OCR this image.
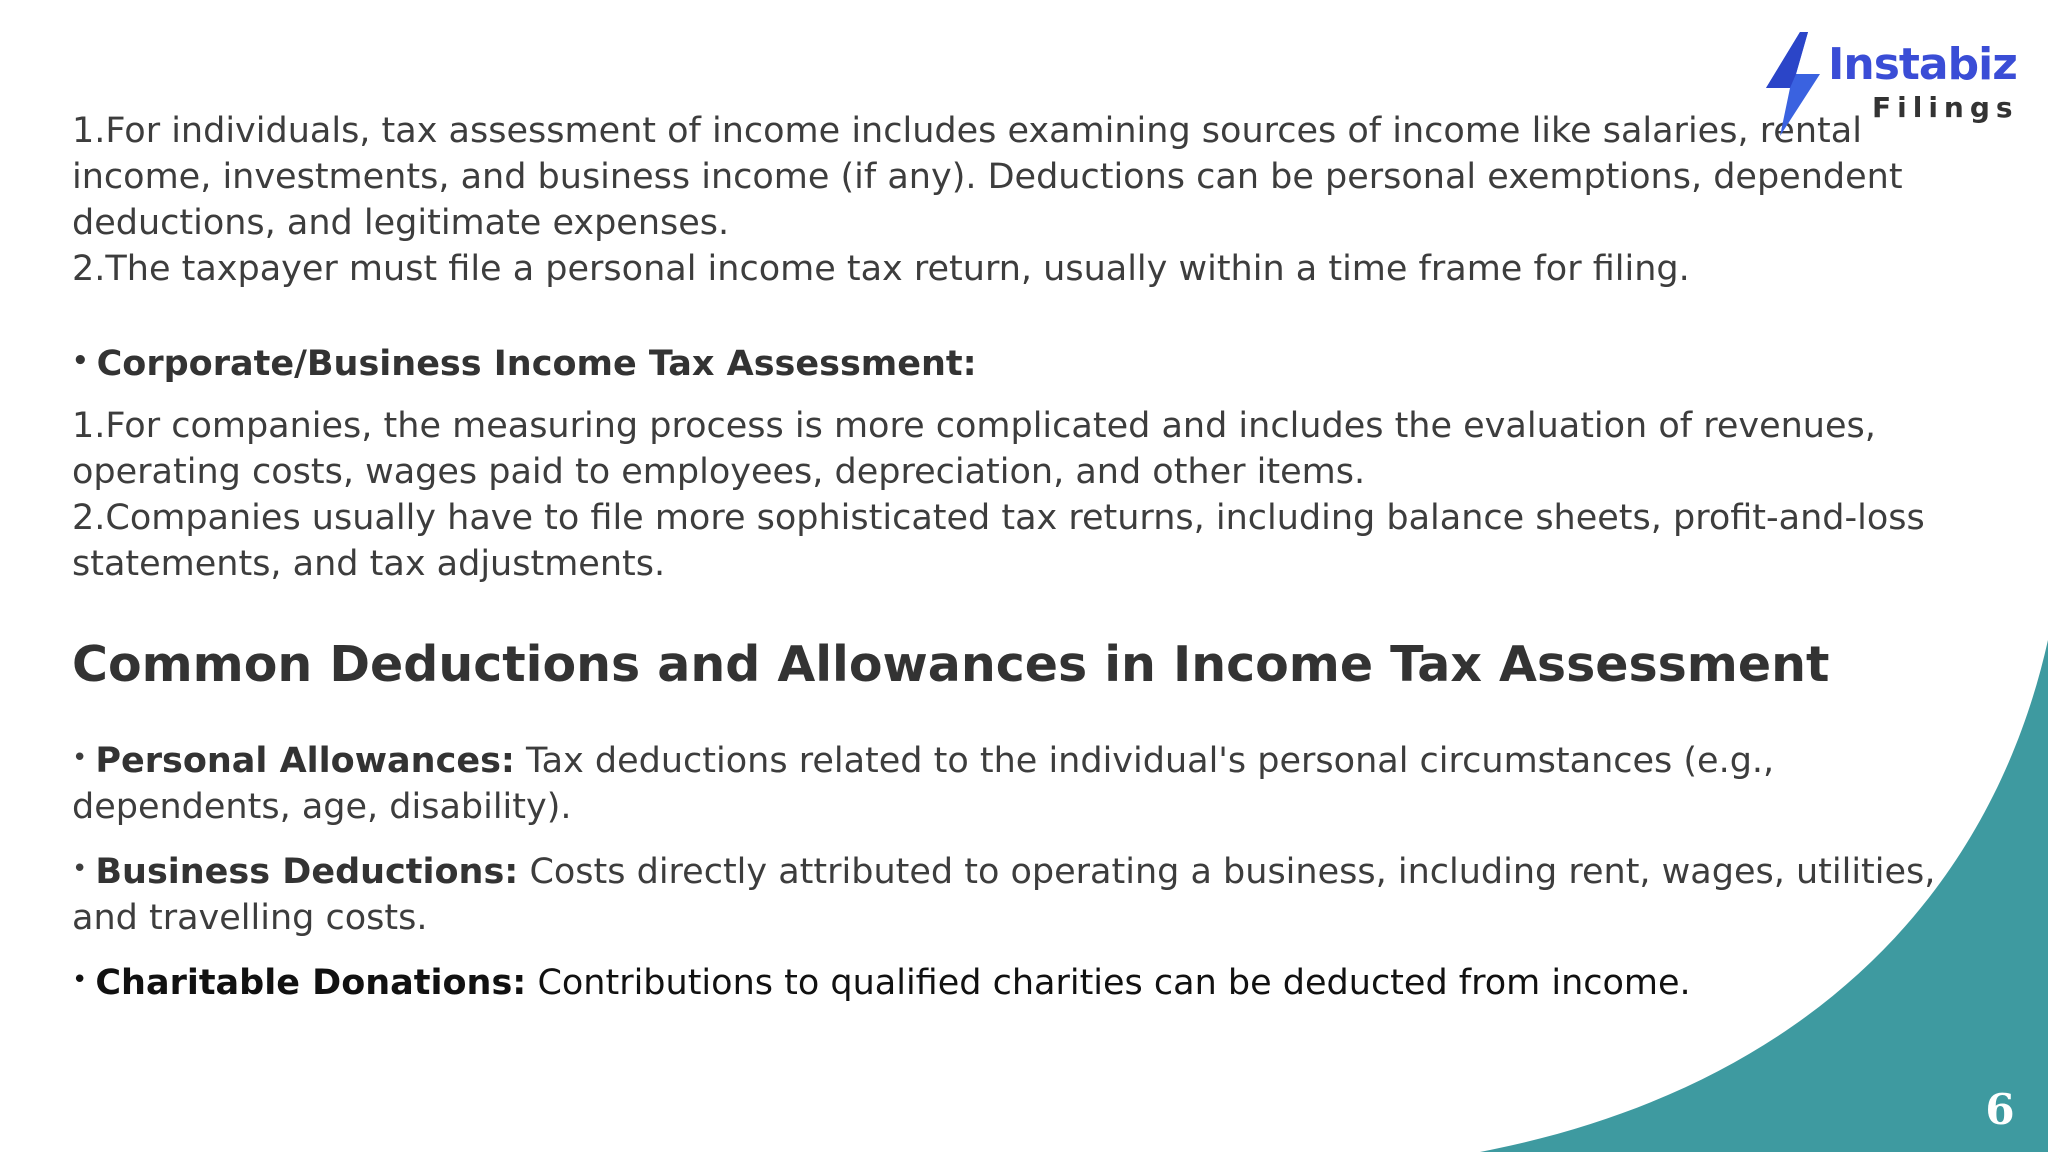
Instabiz
Filings

1.For individuals, tax assessment of income includes examining sources of income like salaries, rental

income, investments, and business income (if any). Deductions can be personal exemptions, dependent

deductions, and legitimate expenses.

2.The taxpayer must file a personal income tax return, usually within a time frame for filing.

• Corporate/Business Income Tax Assessment:

1.For companies, the measuring process is more complicated and includes the evaluation of revenues,

operating costs, wages paid to employees, depreciation, and other items.

2.Companies usually have to file more sophisticated tax returns, including balance sheets, profit-and-loss

statements, and tax adjustments.

Common Deductions and Allowances in Income Tax Assessment

• Personal Allowances: Tax deductions related to the individual's personal circumstances (e.g.,

dependents, age, disability).

• Business Deductions: Costs directly attributed to operating a business, including rent, wages, utilities,

and travelling costs.

• Charitable Donations: Contributions to qualified charities can be deducted from income.

6
